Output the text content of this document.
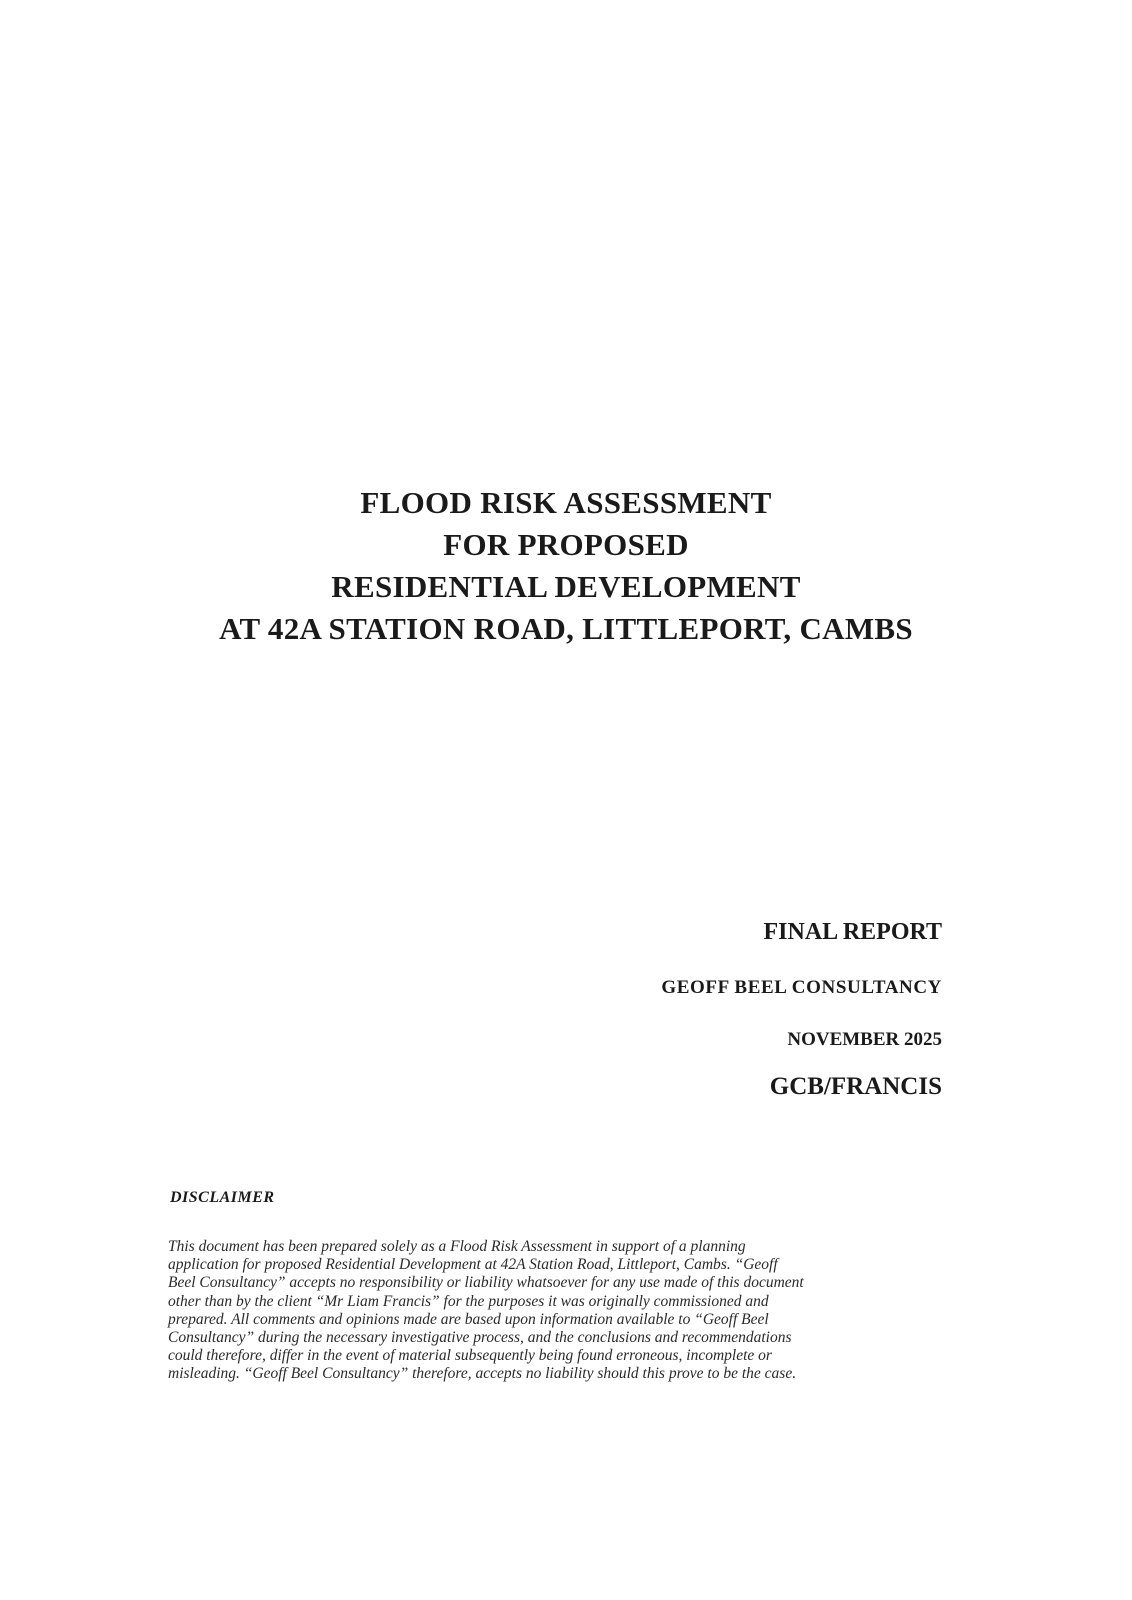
FLOOD RISK ASSESSMENT
FOR PROPOSED
RESIDENTIAL DEVELOPMENT
AT 42A STATION ROAD, LITTLEPORT, CAMBS
FINAL REPORT
GEOFF BEEL CONSULTANCY
NOVEMBER 2025
GCB/FRANCIS
DISCLAIMER
This document has been prepared solely as a Flood Risk Assessment in support of a planning
application for proposed Residential Development at 42A Station Road, Littleport, Cambs. “Geoff
Beel Consultancy” accepts no responsibility or liability whatsoever for any use made of this document
other than by the client “Mr Liam Francis” for the purposes it was originally commissioned and
prepared. All comments and opinions made are based upon information available to “Geoff Beel
Consultancy” during the necessary investigative process, and the conclusions and recommendations
could therefore, differ in the event of material subsequently being found erroneous, incomplete or
misleading. “Geoff Beel Consultancy” therefore, accepts no liability should this prove to be the case.
